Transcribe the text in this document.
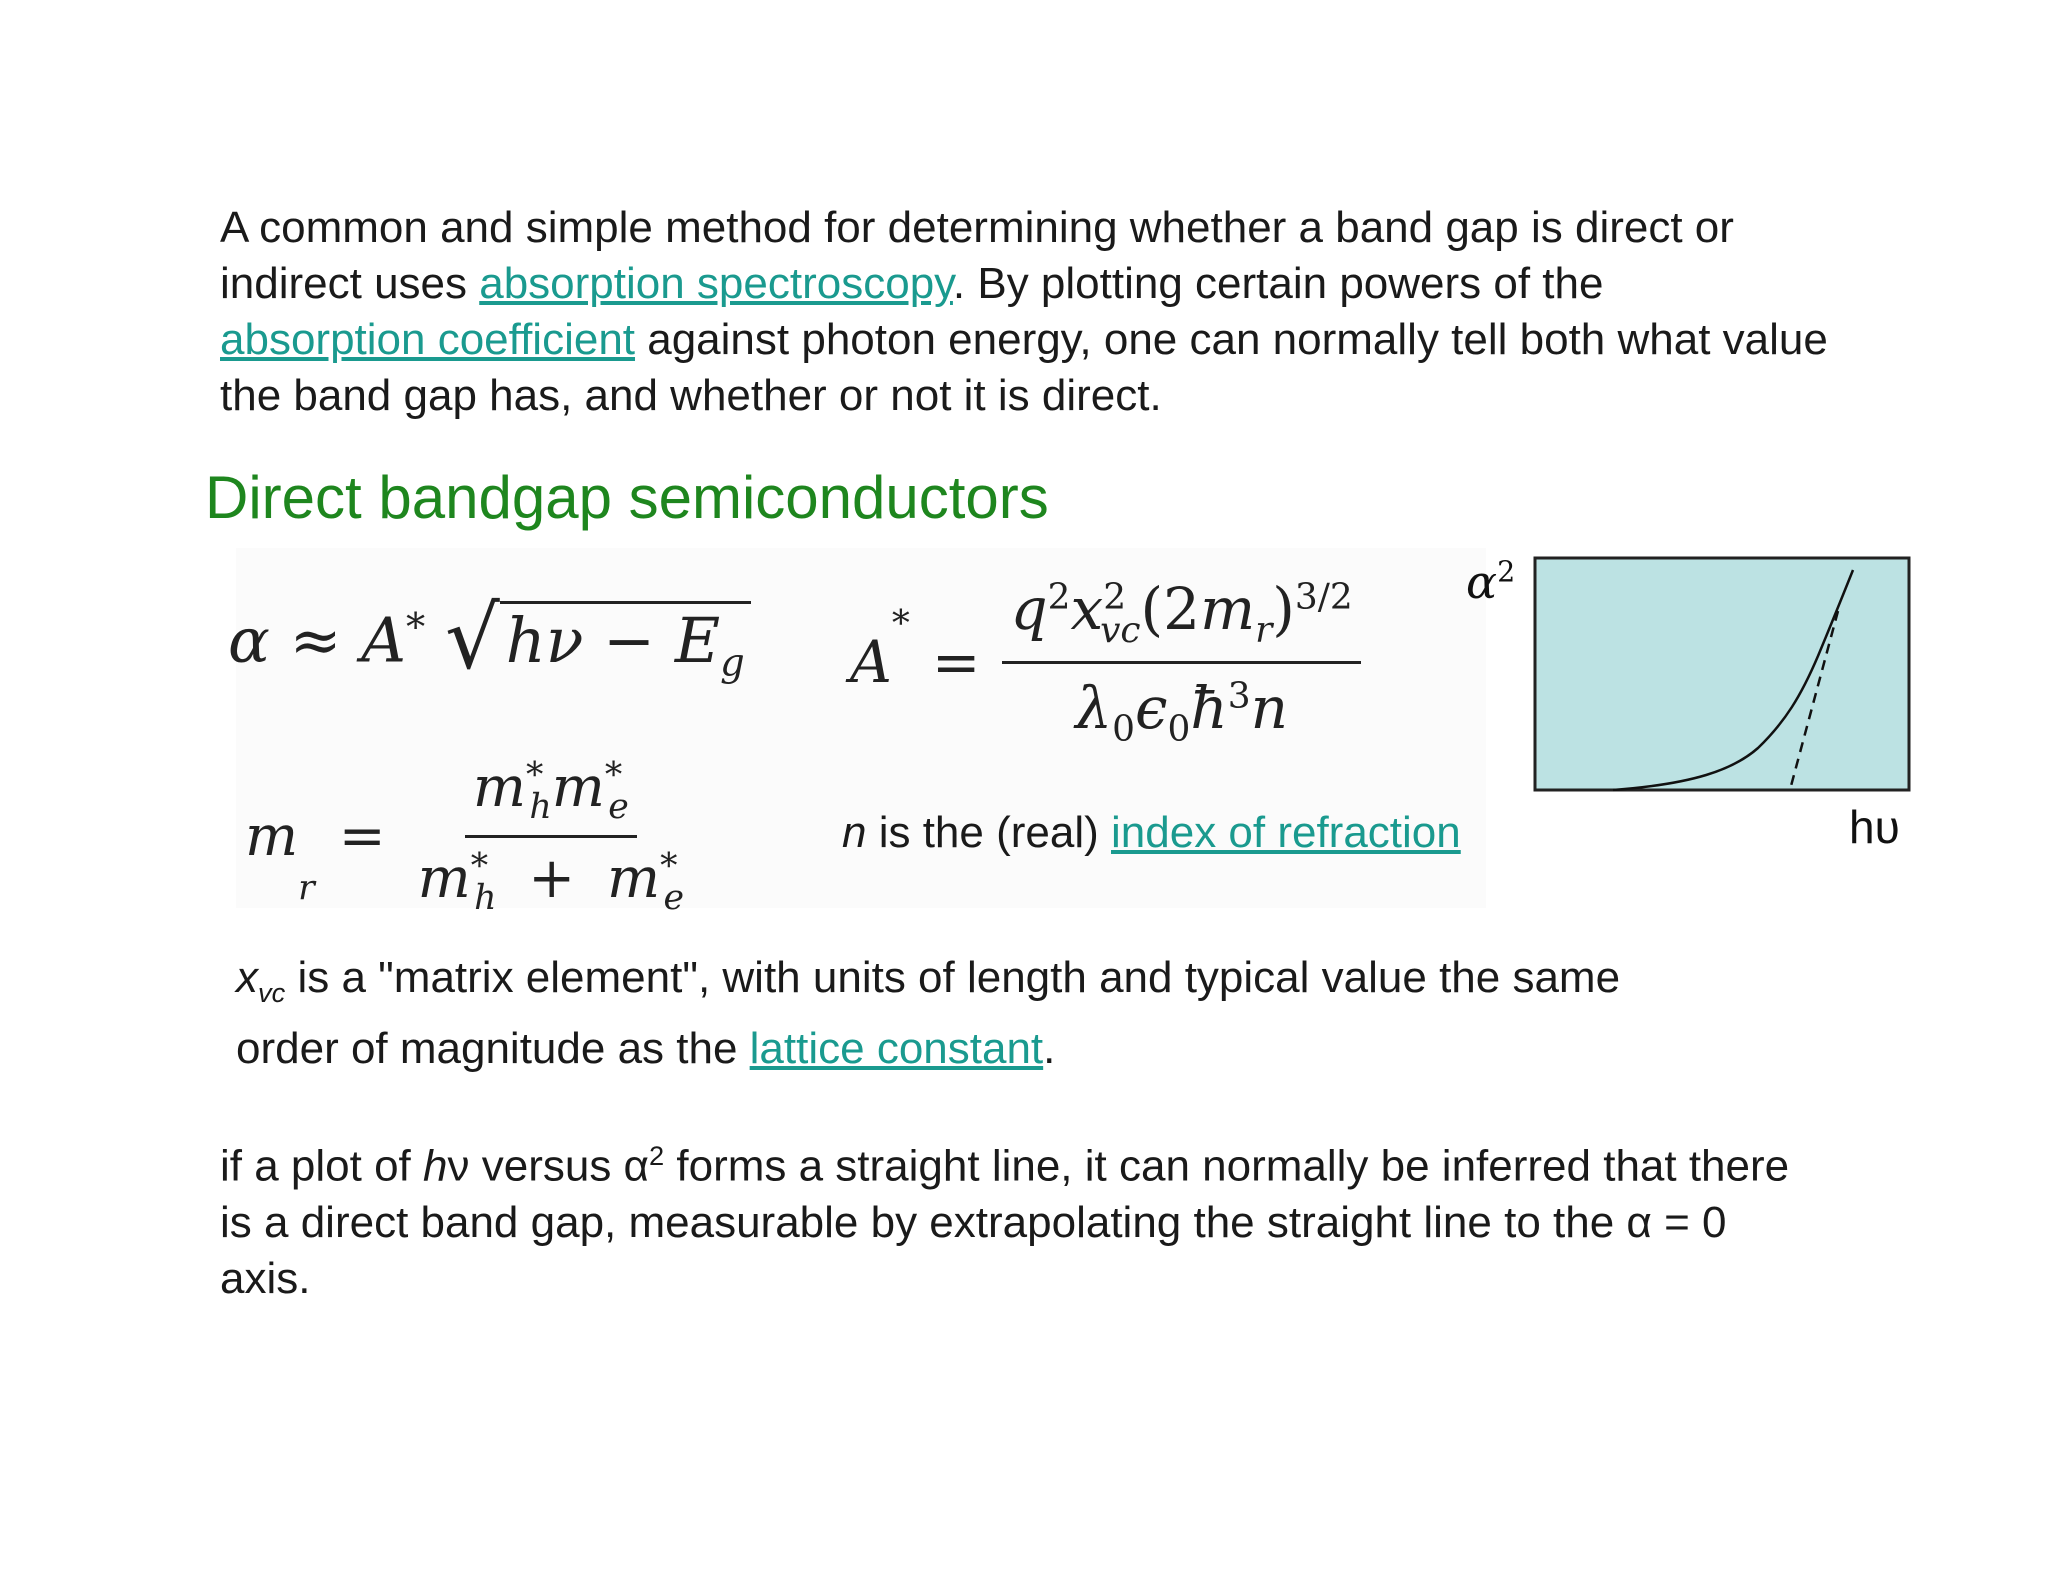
A common and simple method for determining whether a band gap is direct or indirect uses absorption spectroscopy. By plotting certain powers of the
absorption coefficient against photon energy, one can normally tell both what value the band gap has, and whether or not it is direct.
Direct bandgap semiconductors
α ≈ A* $√h\nu - E_g$ A
*
= $\frac{q^2x^2_{vc}(2m_r)^{3/2}}{\lambda_0\epsilon_0ħ^3n}$
m
$_r$
= $\frac{m^*_hm^*_e}{m^*_h + m^*_e}$	n is the (real) index of refraction
$\alpha^2$
hυ
$x_{vc}$ is a "matrix element", with units of length and typical value the same order of magnitude as the lattice constant.
if a plot of hν versus $\alpha^2$ forms a straight line, it can normally be inferred that there is a direct band gap, measurable by extrapolating the straight line to the α = 0 axis.
